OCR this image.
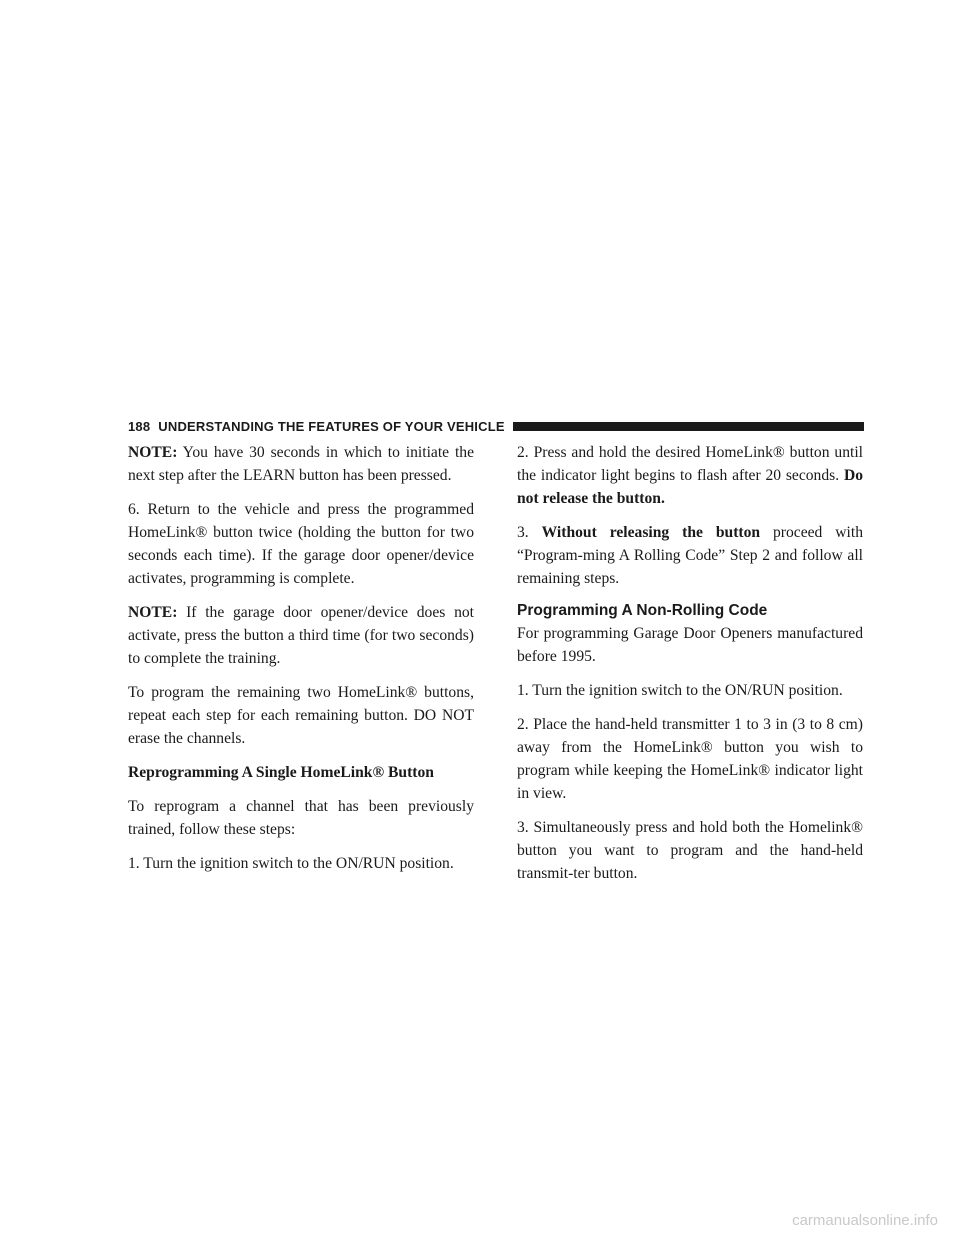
188 UNDERSTANDING THE FEATURES OF YOUR VEHICLE

NOTE: You have 30 seconds in which to initiate the next step after the LEARN button has been pressed.

6. Return to the vehicle and press the programmed HomeLink® button twice (holding the button for two seconds each time). If the garage door opener/device activates, programming is complete.

NOTE: If the garage door opener/device does not activate, press the button a third time (for two seconds) to complete the training.

To program the remaining two HomeLink® buttons, repeat each step for each remaining button. DO NOT erase the channels.

Reprogramming A Single HomeLink® Button

To reprogram a channel that has been previously trained, follow these steps:

1. Turn the ignition switch to the ON/RUN position.

2. Press and hold the desired HomeLink® button until the indicator light begins to flash after 20 seconds. Do not release the button.

3. Without releasing the button proceed with “Program-ming A Rolling Code” Step 2 and follow all remaining steps.

Programming A Non-Rolling Code

For programming Garage Door Openers manufactured before 1995.

1. Turn the ignition switch to the ON/RUN position.

2. Place the hand-held transmitter 1 to 3 in (3 to 8 cm) away from the HomeLink® button you wish to program while keeping the HomeLink® indicator light in view.

3. Simultaneously press and hold both the Homelink® button you want to program and the hand-held transmit-ter button.

carmanualsonline.info
